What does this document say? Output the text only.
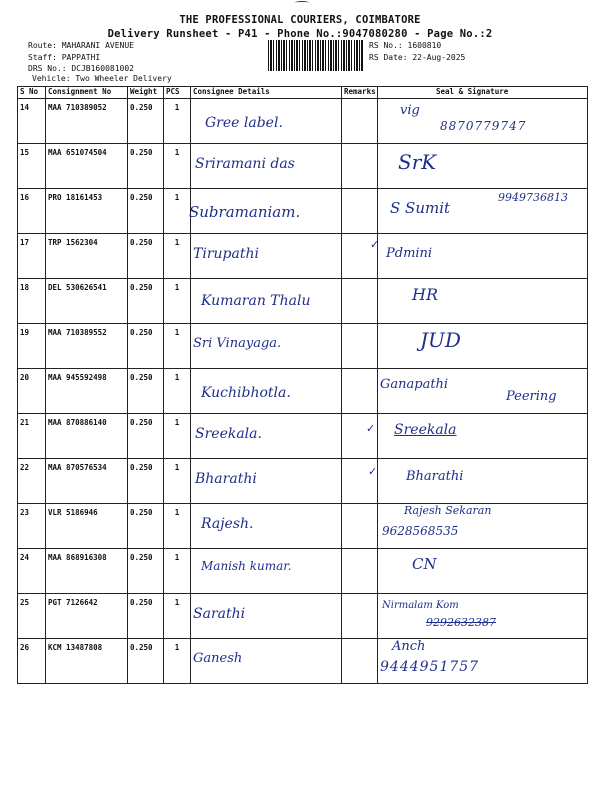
THE PROFESSIONAL COURIERS, COIMBATORE
Delivery Runsheet - P41 - Phone No.:9047080280 - Page No.:2
Route: MAHARANI AVENUE
Staff: PAPPATHI
DRS No.: DCJB160081002
Vehicle: Two Wheeler Delivery
RS No.: 1600810
RS Date: 22-Aug-2025
S No	Consignment No	Weight	PCS	Consignee Details	Remarks	Seal & Signature
14	MAA 710389052	0.250	1	Gree label.		vig
8870779747

15	MAA 651074504	0.250	1	Sriramani das		SrK

16	PRO 18161453	0.250	1	Subramaniam.		S Sumit
9949736813

17	TRP 1562304	0.250	1	Tirupathi	✓	Pdmini

18	DEL 530626541	0.250	1	Kumaran Thalu		HR

19	MAA 710389552	0.250	1	Sri Vinayaga.		JUD

20	MAA 945592498	0.250	1	Kuchibhotla.		Ganapathi
Peering

21	MAA 870886140	0.250	1	Sreekala.	✓	Sreekala

22	MAA 870576534	0.250	1	Bharathi	✓	Bharathi

23	VLR 5186946	0.250	1	Rajesh.		Rajesh Sekaran
9628568535

24	MAA 868916308	0.250	1	Manish kumar.		CN

25	PGT 7126642	0.250	1	Sarathi		Nirmalam Kom
9292632387

26	KCM 13487808	0.250	1	Ganesh		Anch
9444951757
